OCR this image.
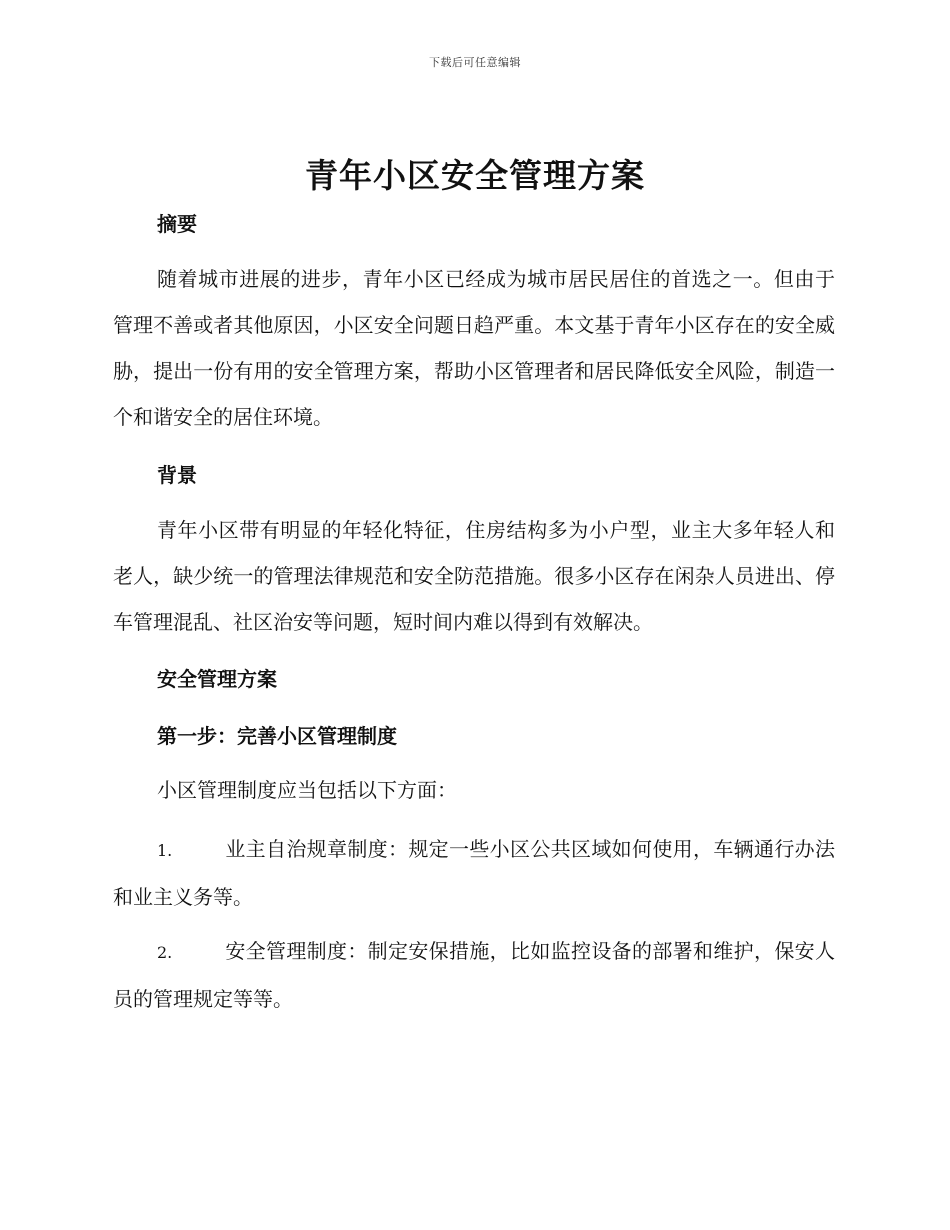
下载后可任意编辑
青年小区安全管理方案
摘要

随着城市进展的进步，青年小区已经成为城市居民居住的首选之一。但由于管理不善或者其他原因，小区安全问题日趋严重。本文基于青年小区存在的安全威胁，提出一份有用的安全管理方案，帮助小区管理者和居民降低安全风险，制造一个和谐安全的居住环境。

背景

青年小区带有明显的年轻化特征，住房结构多为小户型，业主大多年轻人和老人，缺少统一的管理法律规范和安全防范措施。很多小区存在闲杂人员进出、停车管理混乱、社区治安等问题，短时间内难以得到有效解决。

安全管理方案
第一步：完善小区管理制度

小区管理制度应当包括以下方面：

1.	业主自治规章制度：规定一些小区公共区域如何使用，车辆通行办法和业主义务等。

2.	安全管理制度：制定安保措施，比如监控设备的部署和维护，保安人员的管理规定等等。
